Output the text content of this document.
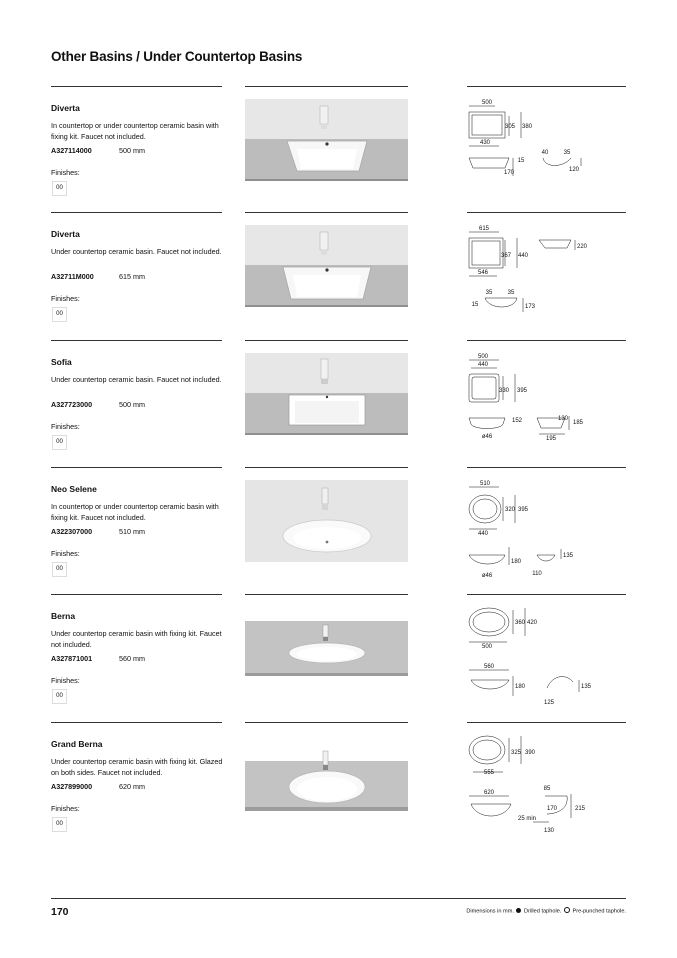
Other Basins / Under Countertop Basins
Diverta
In countertop or under countertop ceramic basin with fixing kit. Faucet not included.
A327114000	500 mm
Finishes:
00
500
305 380
430
15
170
40	35
120
Diverta
Under countertop ceramic basin. Faucet not included.
A32711M000	615 mm
Finishes:
00
615
367 440
546
220
35	35
15	173
Sofia
Under countertop ceramic basin. Faucet not included.
A327723000	500 mm
Finishes:
00
500
440
330 395
152	130
185
195
ø46
Neo Selene
In countertop or under countertop ceramic basin with fixing kit. Faucet not included.
A322307000	510 mm
Finishes:
00
510
320 395
440
180
ø46
135
110
Berna
Under countertop ceramic basin with fixing kit. Faucet not included.
A327871001	560 mm
Finishes:
00
360 420
500
560
180	135
125
Grand Berna
Under countertop ceramic basin with fixing kit. Glazed on both sides. Faucet not included.
A327899000	620 mm
Finishes:
00
325 390
555
620
85
170	215
25 min
130
170	Dimensions in mm. Drilled taphole. Pre-punched taphole.
